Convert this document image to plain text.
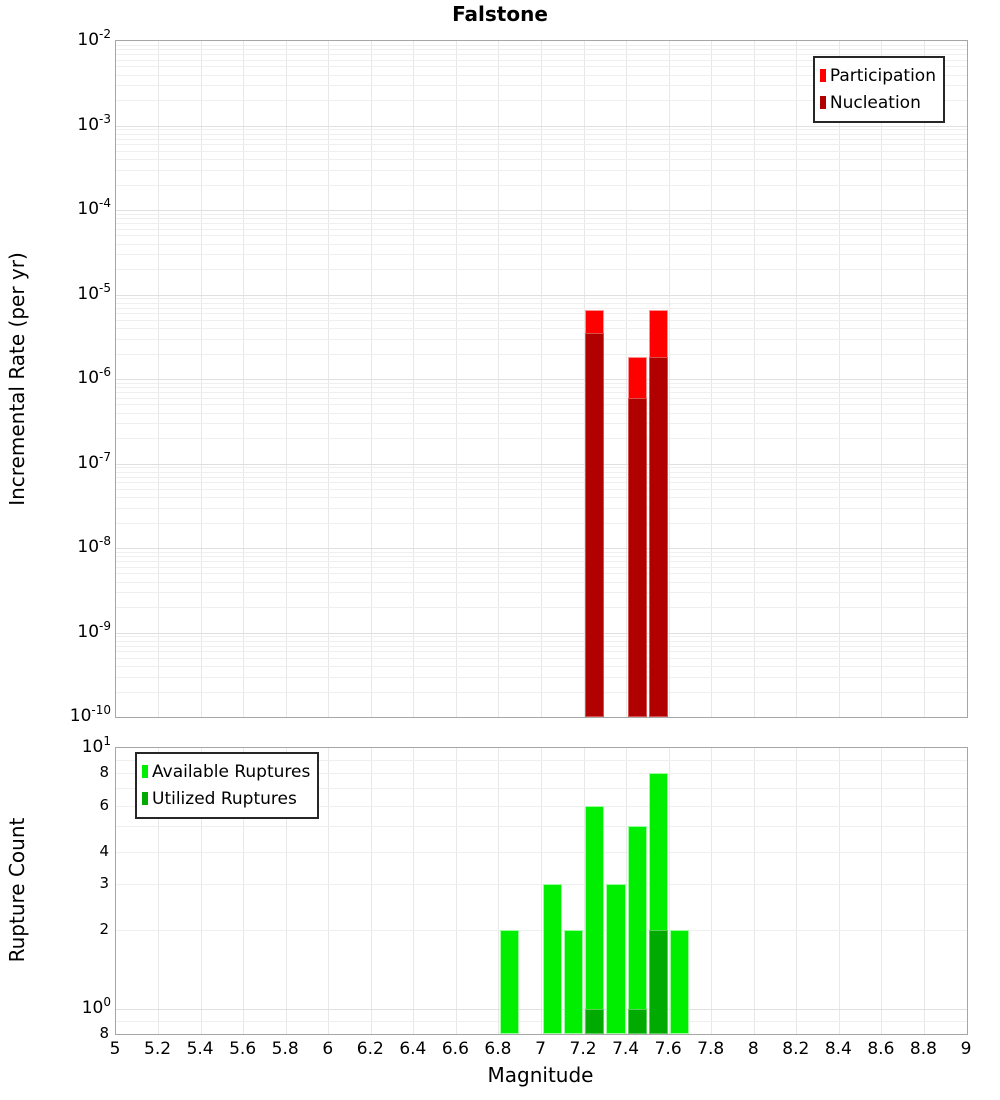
Falstone
Incremental Rate (per yr)
Rupture Count
Magnitude
Participation
Nucleation
Available Ruptures
Utilized Ruptures
$10^{-2}$
$10^{-3}$
$10^{-4}$
$10^{-5}$
$10^{-6}$
$10^{-7}$
$10^{-8}$
$10^{-9}$
$10^{-10}$
$10^1$
8
6
4
3
2
$10^0$
8
5 5.2 5.4 5.6 5.8 6 6.2 6.4 6.6 6.8 7 7.2 7.4 7.6 7.8 8 8.2 8.4 8.6 8.8 9
